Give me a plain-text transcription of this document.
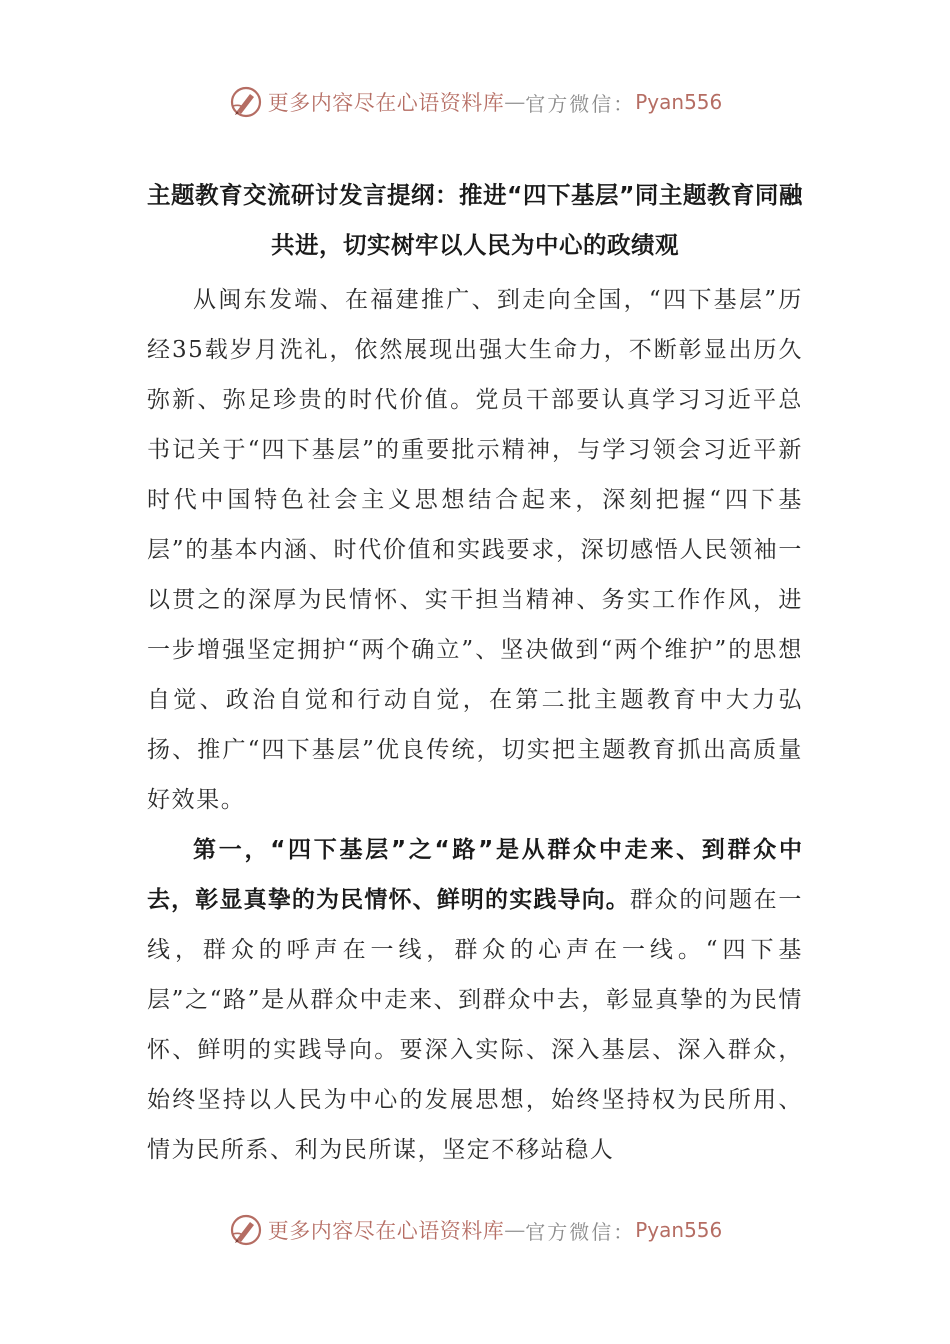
更多内容尽在心语资料库 — 官方微信： Pyan556
主题教育交流研讨发言提纲：推进“四下基层”同主题教育同融共进，切实树牢以人民为中心的政绩观

从闽东发端、在福建推广、到走向全国，“四下基层”历经35载岁月洗礼，依然展现出强大生命力，不断彰显出历久弥新、弥足珍贵的时代价值。党员干部要认真学习习近平总书记关于“四下基层”的重要批示精神，与学习领会习近平新时代中国特色社会主义思想结合起来，深刻把握“四下基层”的基本内涵、时代价值和实践要求，深切感悟人民领袖一以贯之的深厚为民情怀、实干担当精神、务实工作作风，进一步增强坚定拥护“两个确立”、坚决做到“两个维护”的思想自觉、政治自觉和行动自觉，在第二批主题教育中大力弘扬、推广“四下基层”优良传统，切实把主题教育抓出高质量好效果。

第一，“四下基层”之“路”是从群众中走来、到群众中去，彰显真挚的为民情怀、鲜明的实践导向。群众的问题在一线，群众的呼声在一线，群众的心声在一线。“四下基层”之“路”是从群众中走来、到群众中去，彰显真挚的为民情怀、鲜明的实践导向。要深入实际、深入基层、深入群众，始终坚持以人民为中心的发展思想，始终坚持权为民所用、情为民所系、利为民所谋，坚定不移站稳人

更多内容尽在心语资料库 — 官方微信： Pyan556
